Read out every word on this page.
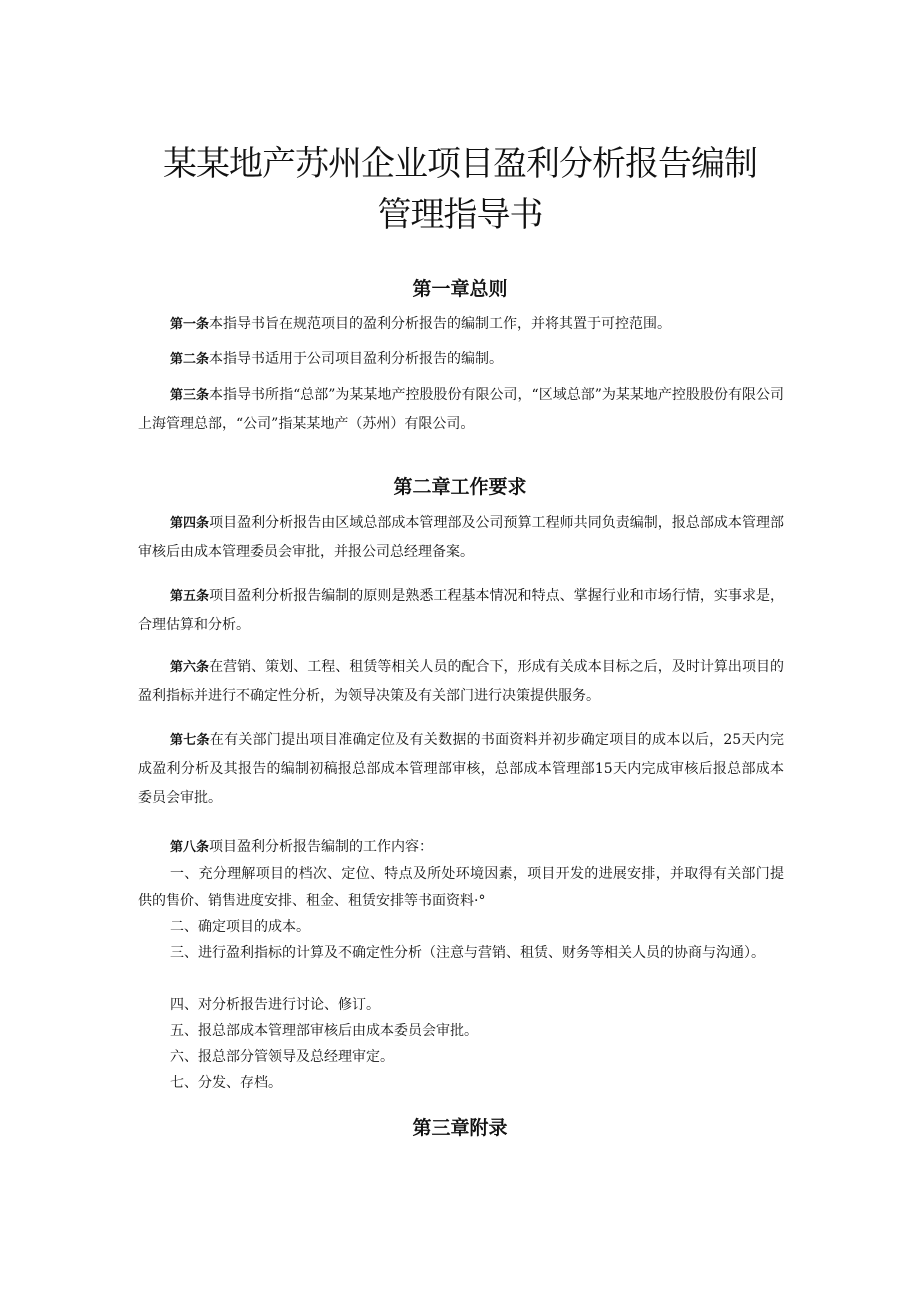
某某地产苏州企业项目盈利分析报告编制
管理指导书
第一章总则

第一条本指导书旨在规范项目的盈利分析报告的编制工作，并将其置于可控范围。

第二条本指导书适用于公司项目盈利分析报告的编制。

第三条本指导书所指“总部”为某某地产控股股份有限公司，“区域总部”为某某地产控股股份有限公司上海管理总部，“公司”指某某地产（苏州）有限公司。

第二章工作要求

第四条项目盈利分析报告由区域总部成本管理部及公司预算工程师共同负责编制，报总部成本管理部审核后由成本管理委员会审批，并报公司总经理备案。

第五条项目盈利分析报告编制的原则是熟悉工程基本情况和特点、掌握行业和市场行情，实事求是，合理估算和分析。

第六条在营销、策划、工程、租赁等相关人员的配合下，形成有关成本目标之后，及时计算出项目的盈利指标并进行不确定性分析，为领导决策及有关部门进行决策提供服务。

第七条在有关部门提出项目准确定位及有关数据的书面资料并初步确定项目的成本以后，25天内完成盈利分析及其报告的编制初稿报总部成本管理部审核，总部成本管理部15天内完成审核后报总部成本委员会审批。

第八条项目盈利分析报告编制的工作内容：

一、充分理解项目的档次、定位、特点及所处环境因素，项目开发的进展安排，并取得有关部门提供的售价、销售进度安排、租金、租赁安排等书面资料·°

二、确定项目的成本。

三、进行盈利指标的计算及不确定性分析（注意与营销、租赁、财务等相关人员的协商与沟通）。

四、对分析报告进行讨论、修订。

五、报总部成本管理部审核后由成本委员会审批。

六、报总部分管领导及总经理审定。

七、分发、存档。

第三章附录
